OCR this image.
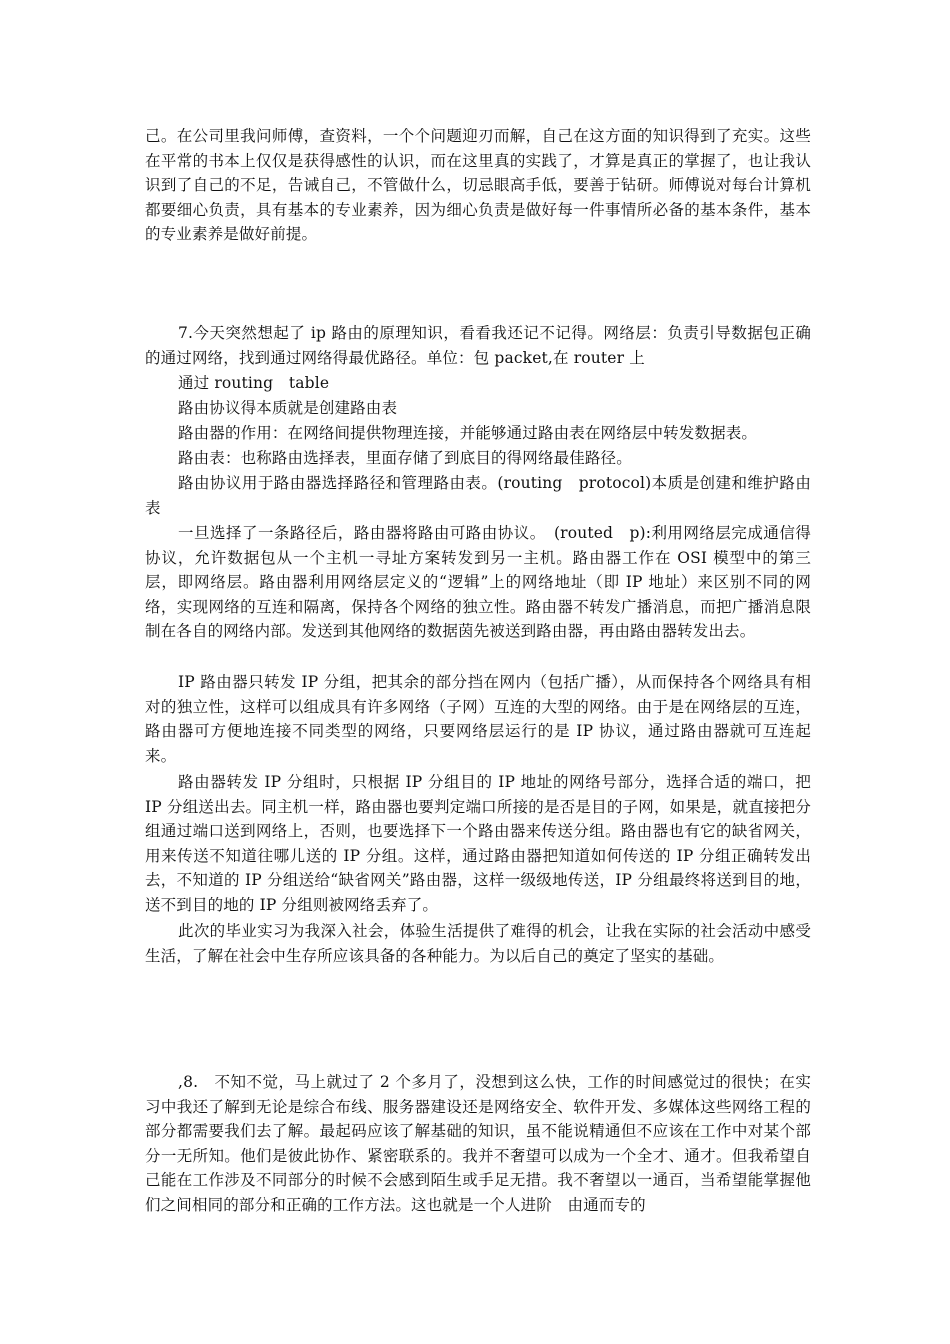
己。在公司里我问师傅，查资料，一个个问题迎刃而解，自己在这方面的知识得到了充实。这些在平常的书本上仅仅是获得感性的认识，而在这里真的实践了，才算是真正的掌握了，也让我认识到了自己的不足，告诫自己，不管做什么，切忌眼高手低，要善于钻研。师傅说对每台计算机都要细心负责，具有基本的专业素养，因为细心负责是做好每一件事情所必备的基本条件，基本的专业素养是做好前提。

7.今天突然想起了 ip 路由的原理知识，看看我还记不记得。网络层：负责引导数据包正确的通过网络，找到通过网络得最优路径。单位：包 packet,在 router 上

通过 routing　table

路由协议得本质就是创建路由表

路由器的作用：在网络间提供物理连接，并能够通过路由表在网络层中转发数据表。

路由表：也称路由选择表，里面存储了到底目的得网络最佳路径。

路由协议用于路由器选择路径和管理路由表。(routing　protocol)本质是创建和维护路由表

一旦选择了一条路径后，路由器将路由可路由协议。　(routed　p):利用网络层完成通信得协议，允许数据包从一个主机一寻址方案转发到另一主机。路由器工作在 OSI 模型中的第三层，即网络层。路由器利用网络层定义的“逻辑”上的网络地址（即 IP 地址）来区别不同的网络，实现网络的互连和隔离，保持各个网络的独立性。路由器不转发广播消息，而把广播消息限制在各自的网络内部。发送到其他网络的数据茵先被送到路由器，再由路由器转发出去。

IP 路由器只转发 IP 分组，把其余的部分挡在网内（包括广播），从而保持各个网络具有相对的独立性，这样可以组成具有许多网络（子网）互连的大型的网络。由于是在网络层的互连，路由器可方便地连接不同类型的网络，只要网络层运行的是 IP 协议，通过路由器就可互连起来。

路由器转发 IP 分组时，只根据 IP 分组目的 IP 地址的网络号部分，选择合适的端口，把 IP 分组送出去。同主机一样，路由器也要判定端口所接的是否是目的子网，如果是，就直接把分组通过端口送到网络上，否则，也要选择下一个路由器来传送分组。路由器也有它的缺省网关，用来传送不知道往哪儿送的 IP 分组。这样，通过路由器把知道如何传送的 IP 分组正确转发出去，不知道的 IP 分组送给“缺省网关”路由器，这样一级级地传送，IP 分组最终将送到目的地，送不到目的地的 IP 分组则被网络丢弃了。

此次的毕业实习为我深入社会，体验生活提供了难得的机会，让我在实际的社会活动中感受生活，了解在社会中生存所应该具备的各种能力。为以后自己的奠定了坚实的基础。

,8.　不知不觉，马上就过了 2 个多月了，没想到这么快，工作的时间感觉过的很快；在实习中我还了解到无论是综合布线、服务器建设还是网络安全、软件开发、多媒体这些网络工程的部分都需要我们去了解。最起码应该了解基础的知识，虽不能说精通但不应该在工作中对某个部分一无所知。他们是彼此协作、紧密联系的。我并不奢望可以成为一个全才、通才。但我希望自己能在工作涉及不同部分的时候不会感到陌生或手足无措。我不奢望以一通百，当希望能掌握他们之间相同的部分和正确的工作方法。这也就是一个人进阶　由通而专的
